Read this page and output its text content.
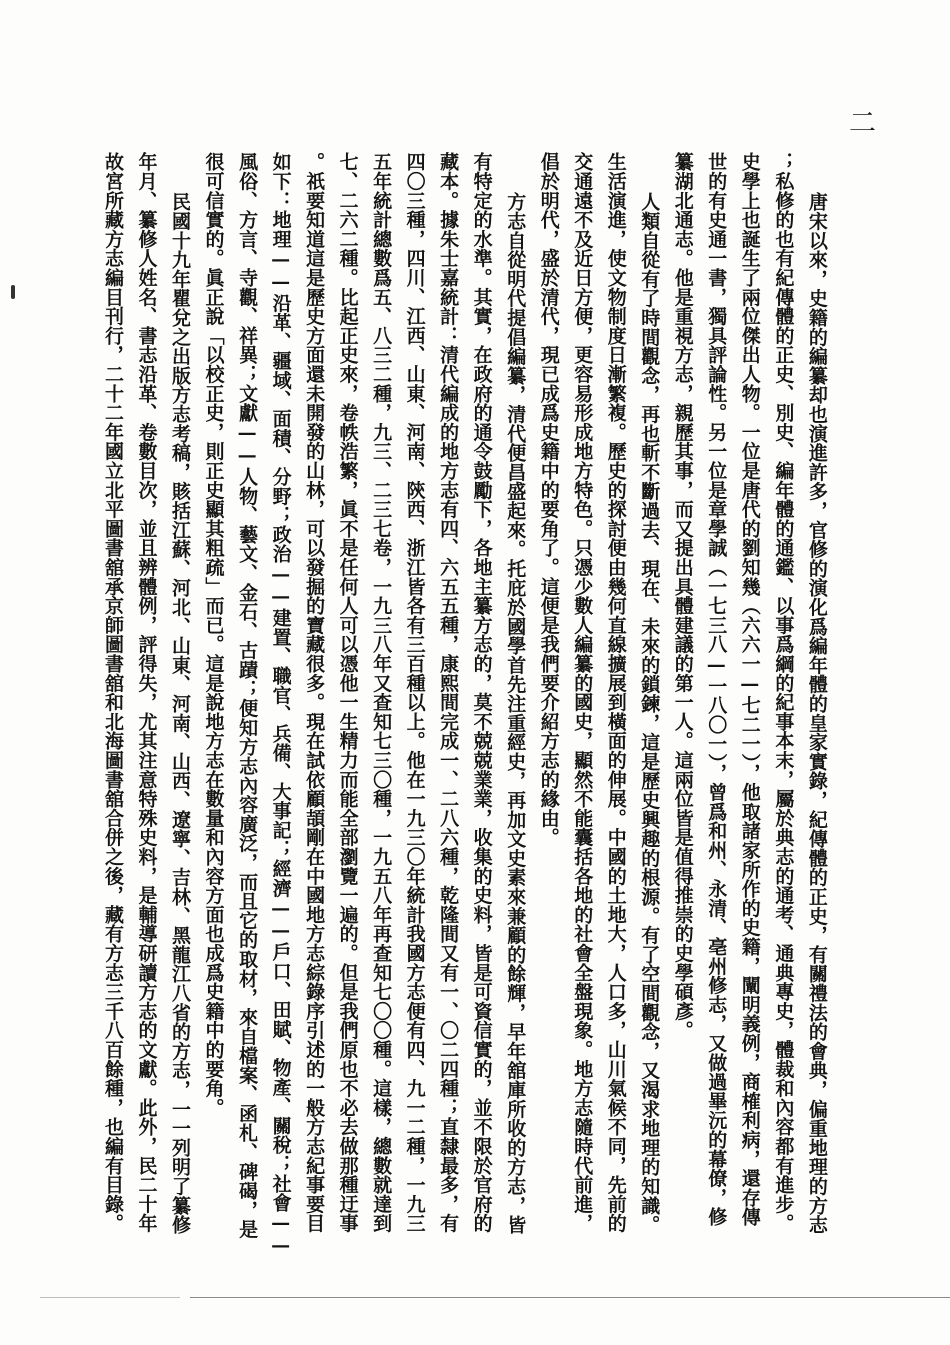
二
唐宋以來，史籍的編纂却也演進許多，官修的演化爲編年體的皇家實錄，紀傳體的正史，有關禮法的會典，偏重地理的方志
；私修的也有紀傳體的正史、別史、編年體的通鑑、以事爲綱的紀事本末，屬於典志的通考、通典專史，體裁和內容都有進步。
史學上也誕生了兩位傑出人物。一位是唐代的劉知幾（六六一—七二一），他取諸家所作的史籍，闡明義例，商榷利病，還存傳
世的有史通一書，獨具評論性。另一位是章學誠（一七三八—一八〇一），曾爲和州、永清、亳州修志，又做過畢沅的幕僚，修
纂湖北通志。他是重視方志，親歷其事，而又提出具體建議的第一人。這兩位皆是值得推崇的史學碩彥。
人類自從有了時間觀念，再也斬不斷過去、現在、未來的鎖鍊，這是歷史興趣的根源。有了空間觀念，又渴求地理的知識。
生活演進，使文物制度日漸繁複。歷史的探討便由幾何直線擴展到橫面的伸展。中國的土地大，人口多，山川氣候不同，先前的
交通遠不及近日方便，更容易形成地方特色。只憑少數人編纂的國史，顯然不能囊括各地的社會全盤現象。地方志隨時代前進，
倡於明代，盛於清代，現已成爲史籍中的要角了。這便是我們要介紹方志的緣由。
方志自從明代提倡編纂，清代便昌盛起來。托庇於國學首先注重經史，再加文史素來兼顧的餘輝，早年舘庫所收的方志，皆
有特定的水準。其實，在政府的通令鼓勵下，各地主纂方志的，莫不兢兢業業，收集的史料，皆是可資信實的，並不限於官府的
藏本。據朱士嘉統計：清代編成的地方志有四、六五五種，康熙間完成一、二八六種，乾隆間又有一、〇二四種；直隸最多，有
四〇三種，四川、江西、山東、河南、陝西、浙江皆各有三百種以上。他在一九三〇年統計我國方志便有四、九一二種，一九三
五年統計總數爲五、八三二種，九三、二三七卷，一九三八年又查知七三〇種，一九五八年再查知七〇〇種。這樣，總數就達到
七、二六二種。比起正史來，卷帙浩繁，眞不是任何人可以憑他一生精力而能全部瀏覽一遍的。但是我們原也不必去做那種迂事
。祇要知道這是歷史方面還未開發的山林，可以發掘的寶藏很多。現在試依顧頡剛在中國地方志綜錄序引述的一般方志紀事要目
如下：地理——沿革、疆域、面積、分野；政治——建置、職官、兵備、大事記；經濟——戶口、田賦、物產、關稅；社會——
風俗、方言、寺觀、祥異；文獻——人物、藝文、金石、古蹟；便知方志內容廣泛，而且它的取材，來自檔案、函札、碑碣，是
很可信實的。眞正說「以校正史，則正史顯其粗疏」而已。這是說地方志在數量和內容方面也成爲史籍中的要角。
民國十九年瞿兌之出版方志考稿，賅括江蘇、河北、山東、河南、山西、遼寧、吉林、黑龍江八省的方志，一一列明了纂修
年月、纂修人姓名、書志沿革、卷數目次，並且辨體例，評得失，尤其注意特殊史料，是輔導研讀方志的文獻。此外，民二十年
故宮所藏方志編目刊行，二十二年國立北平圖書舘承京師圖書舘和北海圖書舘合併之後，藏有方志三千八百餘種，也編有目錄。
